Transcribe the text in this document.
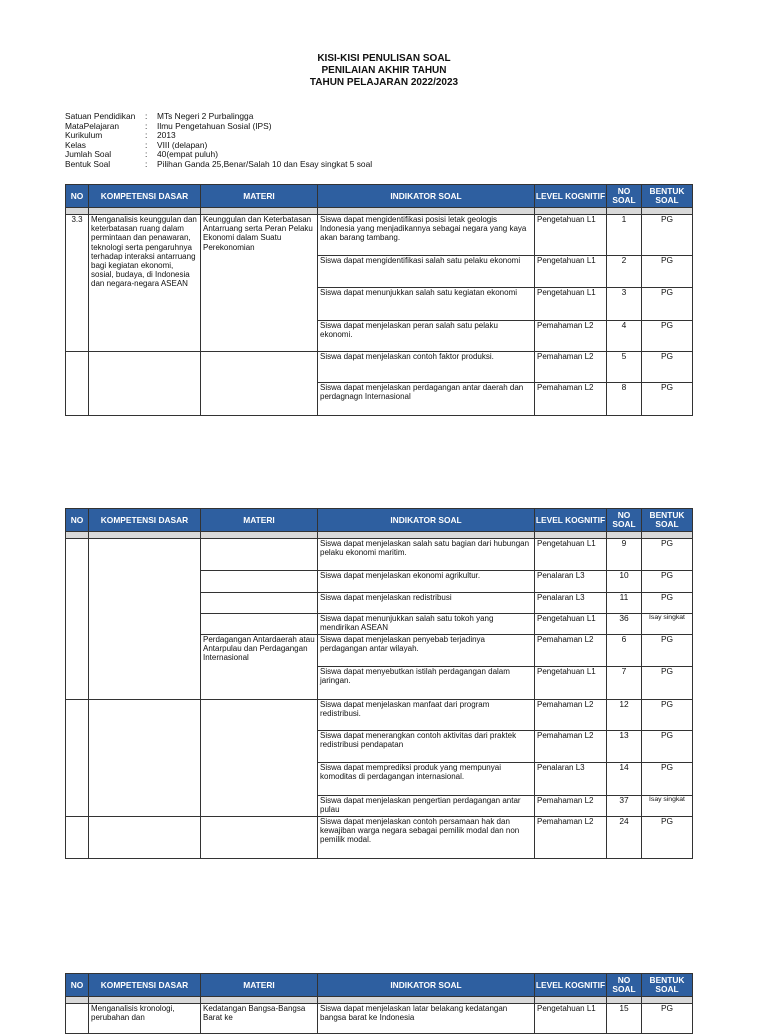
KISI-KISI PENULISAN SOAL
PENILAIAN AKHIR TAHUN
TAHUN PELAJARAN 2022/2023
Satuan Pendidikan	:	MTs Negeri 2 Purbalingga
MataPelajaran	:	Ilmu Pengetahuan Sosial (IPS)
Kurikulum	:	2013
Kelas	:	VIII (delapan)
Jumlah Soal	:	40(empat puluh)
Bentuk Soal	:	Pilihan Ganda 25,Benar/Salah 10 dan Esay singkat 5 soal
NO	KOMPETENSI DASAR	MATERI	INDIKATOR SOAL	LEVEL KOGNITIF	NO SOAL	BENTUK SOAL

3.3	Menganalisis keunggulan dan keterbatasan ruang dalam permintaan dan penawaran, teknologi serta pengaruhnya terhadap interaksi antarruang bagi kegiatan ekonomi, sosial, budaya, di Indonesia dan negara-negara ASEAN	Keunggulan dan Keterbatasan Antarruang serta Peran Pelaku Ekonomi dalam Suatu Perekonomian	Siswa dapat mengidentifikasi posisi letak geologis Indonesia yang menjadikannya sebagai negara yang kaya akan barang tambang.	Pengetahuan L1	1	PG
			Siswa dapat mengidentifikasi salah satu pelaku ekonomi	Pengetahuan L1	2	PG
			Siswa dapat menunjukkan salah satu kegiatan ekonomi	Pengetahuan L1	3	PG
			Siswa dapat menjelaskan peran salah satu pelaku ekonomi.	Pemahaman L2	4	PG
			Siswa dapat menjelaskan contoh faktor produksi.	Pemahaman L2	5	PG
			Siswa dapat menjelaskan perdagangan antar daerah dan perdagnagn Internasional	Pemahaman L2	8	PG
NO	KOMPETENSI DASAR	MATERI	INDIKATOR SOAL	LEVEL KOGNITIF	NO SOAL	BENTUK SOAL

			Siswa dapat menjelaskan salah satu bagian dari hubungan pelaku ekonomi maritim.	Pengetahuan L1	9	PG
			Siswa dapat menjelaskan ekonomi agrikultur.	Penalaran L3	10	PG
			Siswa dapat menjelaskan redistribusi	Penalaran L3	11	PG
			Siswa dapat menunjukkan salah satu tokoh yang mendirikan ASEAN	Pengetahuan L1	36	Isay singkat
		Perdagangan Antardaerah atau Antarpulau dan Perdagangan Internasional	Siswa dapat menjelaskan penyebab terjadinya perdagangan antar wilayah.	Pemahaman L2	6	PG
			Siswa dapat menyebutkan istilah perdagangan dalam jaringan.	Pengetahuan L1	7	PG
			Siswa dapat menjelaskan manfaat dari program redistribusi.	Pemahaman L2	12	PG
			Siswa dapat menerangkan contoh aktivitas dari praktek redistribusi pendapatan	Pemahaman L2	13	PG
			Siswa dapat memprediksi produk yang mempunyai komoditas di perdagangan internasional.	Penalaran L3	14	PG
			Siswa dapat menjelaskan pengertian perdagangan antar pulau	Pemahaman L2	37	Isay singkat
			Siswa dapat menjelaskan contoh persamaan hak dan kewajiban warga negara sebagai pemilik modal dan non pemilik modal.	Pemahaman L2	24	PG
NO	KOMPETENSI DASAR	MATERI	INDIKATOR SOAL	LEVEL KOGNITIF	NO SOAL	BENTUK SOAL

	Menganalisis kronologi, perubahan dan	Kedatangan Bangsa-Bangsa Barat ke	Siswa dapat menjelaskan latar belakang kedatangan bangsa barat ke Indonesia	Pengetahuan L1	15	PG
